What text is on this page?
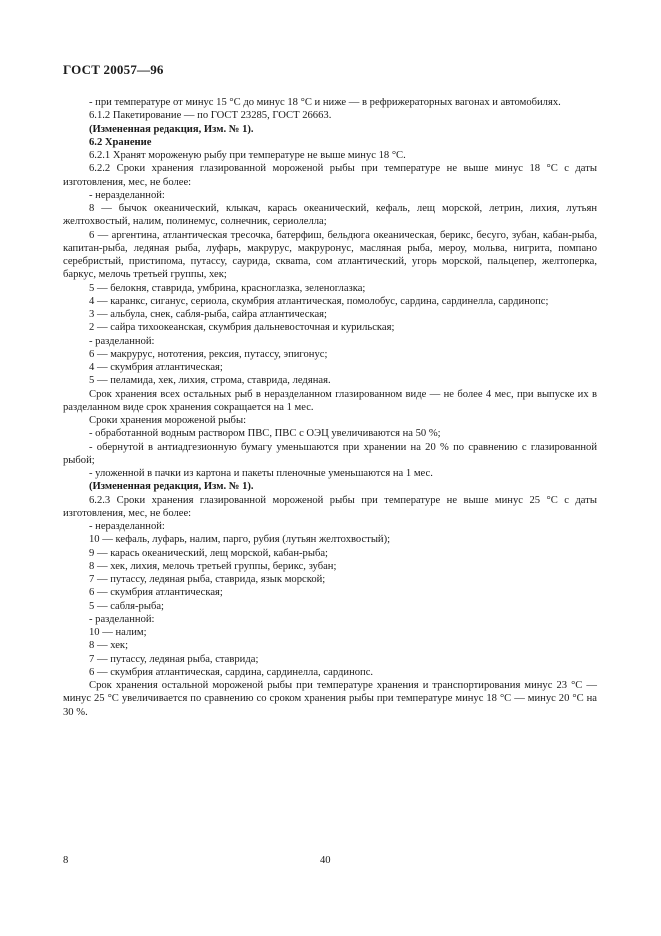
ГОСТ 20057—96

- при температуре от минус 15 °С до минус 18 °С и ниже — в рефрижераторных вагонах и автомобилях.

6.1.2 Пакетирование — по ГОСТ 23285, ГОСТ 26663.

(Измененная редакция, Изм. № 1).

6.2 Хранение

6.2.1 Хранят мороженую рыбу при температуре не выше минус 18 °С.

6.2.2 Сроки хранения глазированной мороженой рыбы при температуре не выше минус 18 °С с даты изготовления, мес, не более:

- неразделанной:

8 — бычок океанический, клыкач, карась океанический, кефаль, лещ морской, летрин, лихия, лутьян желтохвостый, налим, полинемус, солнечник, сериолелла;

6 — аргентина, атлантическая тресочка, батерфиш, бельдюга океаническая, берикс, бесуго, зубан, кабан-рыба, капитан-рыба, ледяная рыба, луфарь, макрурус, макруронус, масляная рыба, мероу, мольва, нигрита, помпано серебристый, пристипома, путассу, саурида, скваma, сом атлантический, угорь морской, пальцепер, желтоперка, баркус, мелочь третьей группы, хек;

5 — белокня, ставрида, умбрина, красноглазка, зеленоглазка;

4 — каранкс, сиганус, сериола, скумбрия атлантическая, помолобус, сардина, сардинелла, сардинопс;

3 — альбула, снек, сабля-рыба, сайра атлантическая;

2 — сайра тихоокеанская, скумбрия дальневосточная и курильская;

- разделанной:

6 — макрурус, нототения, рексия, путассу, эпигонус;

4 — скумбрия атлантическая;

5 — пеламида, хек, лихия, строма, ставрида, ледяная.

Срок хранения всех остальных рыб в неразделанном глазированном виде — не более 4 мес, при выпуске их в разделанном виде срок хранения сокращается на 1 мес.

Сроки хранения мороженой рыбы:

- обработанной водным раствором ПВС, ПВС с ОЭЦ увеличиваются на 50 %;

- обернутой в антиадгезионную бумагу уменьшаются при хранении на 20 % по сравнению с глазированной рыбой;

- уложенной в пачки из картона и пакеты пленочные уменьшаются на 1 мес.

(Измененная редакция, Изм. № 1).

6.2.3 Сроки хранения глазированной мороженой рыбы при температуре не выше минус 25 °С с даты изготовления, мес, не более:

- неразделанной:

10 — кефаль, луфарь, налим, парго, рубия (лутьян желтохвостый);

9 — карась океанический, лещ морской, кабан-рыба;

8 — хек, лихия, мелочь третьей группы, берикс, зубан;

7 — путассу, ледяная рыба, ставрида, язык морской;

6 — скумбрия атлантическая;

5 — сабля-рыба;

- разделанной:

10 — налим;

8 — хек;

7 — путассу, ледяная рыба, ставрида;

6 — скумбрия атлантическая, сардина, сардинелла, сардинопс.

Срок хранения остальной мороженой рыбы при температуре хранения и транспортирования минус 23 °С — минус 25 °С увеличивается по сравнению со сроком хранения рыбы при температуре минус 18 °С — минус 20 °С на 30 %.

8	40
